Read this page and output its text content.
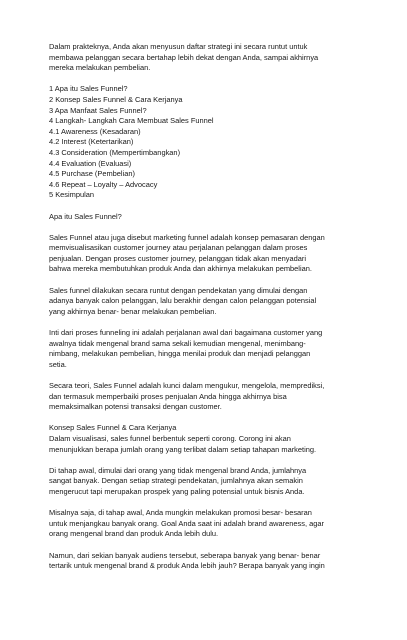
Dalam prakteknya, Anda akan menyusun daftar strategi ini secara runtut untuk
membawa pelanggan secara bertahap lebih dekat dengan Anda, sampai akhirnya
mereka melakukan pembelian.

1 Apa itu Sales Funnel?
2 Konsep Sales Funnel & Cara Kerjanya
3 Apa Manfaat Sales Funnel?
4 Langkah- Langkah Cara Membuat Sales Funnel
4.1 Awareness (Kesadaran)
4.2 Interest (Ketertarikan)
4.3 Consideration (Mempertimbangkan)
4.4 Evaluation (Evaluasi)
4.5 Purchase (Pembelian)
4.6 Repeat – Loyalty – Advocacy
5 Kesimpulan

Apa itu Sales Funnel?

Sales Funnel atau juga disebut marketing funnel adalah konsep pemasaran dengan
memvisualisasikan customer journey atau perjalanan pelanggan dalam proses
penjualan. Dengan proses customer journey, pelanggan tidak akan menyadari
bahwa mereka membutuhkan produk Anda dan akhirnya melakukan pembelian.

Sales funnel dilakukan secara runtut dengan pendekatan yang dimulai dengan
adanya banyak calon pelanggan, lalu berakhir dengan calon pelanggan potensial
yang akhirnya benar- benar melakukan pembelian.

Inti dari proses funneling ini adalah perjalanan awal dari bagaimana customer yang
awalnya tidak mengenal brand sama sekali kemudian mengenal, menimbang-
nimbang, melakukan pembelian, hingga menilai produk dan menjadi pelanggan
setia.

Secara teori, Sales Funnel adalah kunci dalam mengukur, mengelola, memprediksi,
dan termasuk memperbaiki proses penjualan Anda hingga akhirnya bisa
memaksimalkan potensi transaksi dengan customer.

Konsep Sales Funnel & Cara Kerjanya
Dalam visualisasi, sales funnel berbentuk seperti corong. Corong ini akan
menunjukkan berapa jumlah orang yang terlibat dalam setiap tahapan marketing.

Di tahap awal, dimulai dari orang yang tidak mengenal brand Anda, jumlahnya
sangat banyak. Dengan setiap strategi pendekatan, jumlahnya akan semakin
mengerucut tapi merupakan prospek yang paling potensial untuk bisnis Anda.

Misalnya saja, di tahap awal, Anda mungkin melakukan promosi besar- besaran
untuk menjangkau banyak orang. Goal Anda saat ini adalah brand awareness, agar
orang mengenal brand dan produk Anda lebih dulu.

Namun, dari sekian banyak audiens tersebut, seberapa banyak yang benar- benar
tertarik untuk mengenal brand & produk Anda lebih jauh? Berapa banyak yang ingin
